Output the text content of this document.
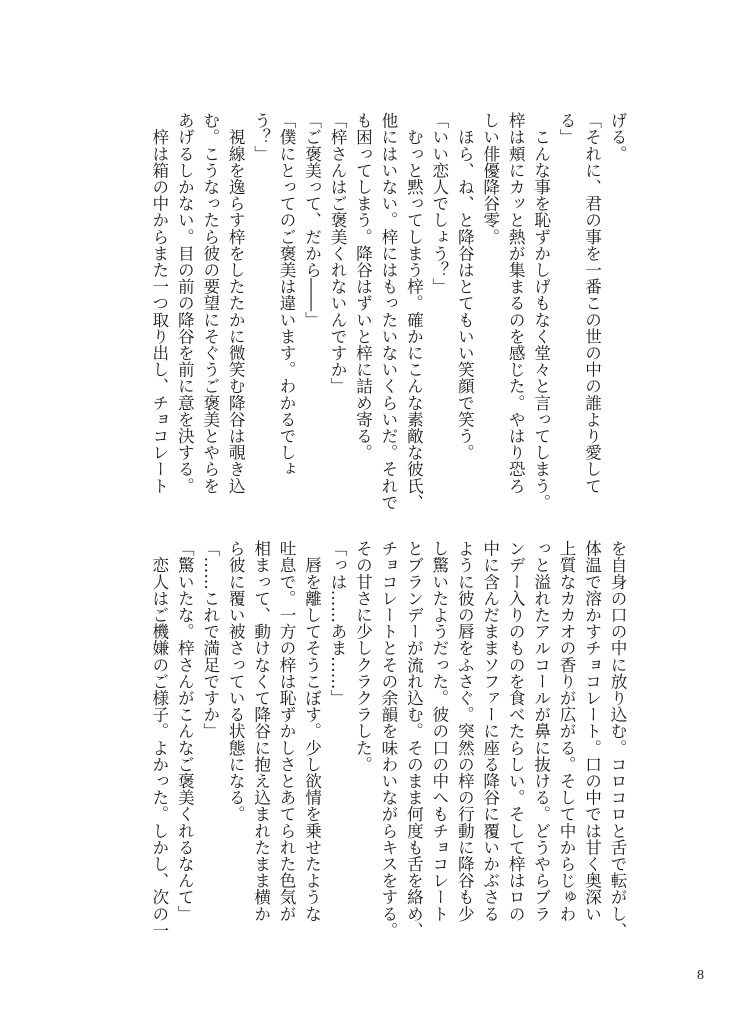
げる。
「それに、君の事を一番この世の中の誰より愛して
る」
　こんな事を恥ずかしげもなく堂々と言ってしまう。
梓は頬にカッと熱が集まるのを感じた。やはり恐ろ
しい俳優降谷零。
　ほら、ね、と降谷はとてもいい笑顔で笑う。
「いい恋人でしょう？」
　むっと黙ってしまう梓。確かにこんな素敵な彼氏、
他にはいない。梓にはもったいないくらいだ。それで
も困ってしまう。降谷はずいと梓に詰め寄る。
「梓さんはご褒美くれないんですか」
「ご褒美って、だから――」
「僕にとってのご褒美は違います。わかるでしょ
う？」
　視線を逸らす梓をしたたかに微笑む降谷は覗き込
む。こうなったら彼の要望にそぐうご褒美とやらを
あげるしかない。目の前の降谷を前に意を決する。
　梓は箱の中からまた一つ取り出し、チョコレート
を自身の口の中に放り込む。コロコロと舌で転がし、
体温で溶かすチョコレート。口の中では甘く奥深い
上質なカカオの香りが広がる。そして中からじゅわ
っと溢れたアルコールが鼻に抜ける。どうやらブラ
ンデー入りのものを食べたらしい。そして梓はロの
中に含んだままソファーに座る降谷に覆いかぶさる
ように彼の唇をふさぐ。突然の梓の行動に降谷も少
し驚いたようだった。彼の口の中へもチョコレート
とブランデーが流れ込む。そのまま何度も舌を絡め、
チョコレートとその余韻を味わいながらキスをする。
その甘さに少しクラクラした。
「っは……あま……」
　唇を離してそうこぼす。少し欲情を乗せたような
吐息で。一方の梓は恥ずかしさとあてられた色気が
相まって、動けなくて降谷に抱え込まれたまま横か
ら彼に覆い被さっている状態になる。
「……これで満足ですか」
「驚いたな。梓さんがこんなご褒美くれるなんて」
　恋人はご機嫌のご様子。よかった。しかし、次の一
8
